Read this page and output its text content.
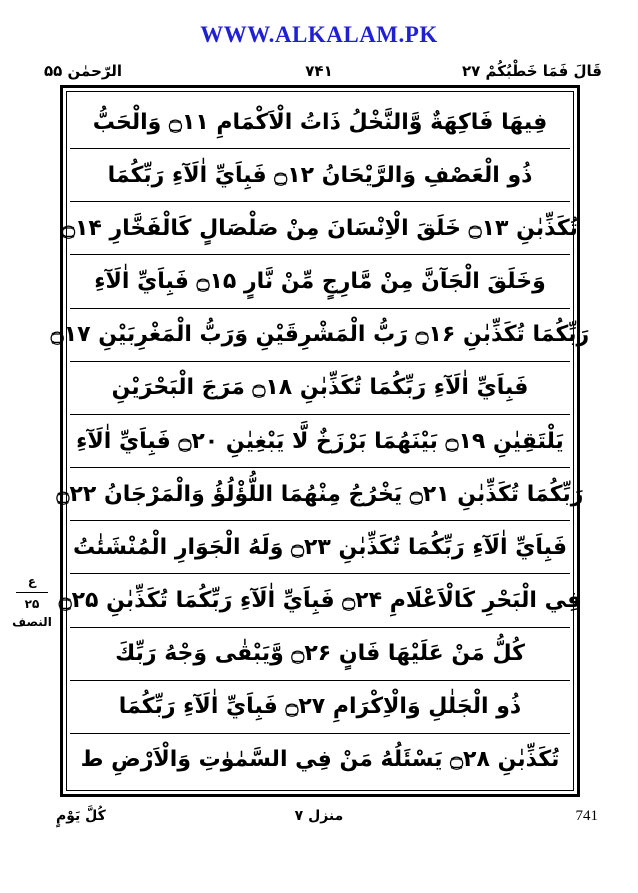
WWW.ALKALAM.PK
الرّحمٰن ۵۵	۷۴۱	قَالَ فَمَا خَطْبُكُمْ ۲۷
فِيهَا فَاكِهَةٌ وَّالنَّخْلُ ذَاتُ الْاَكْمَامِ ۝۱۱ وَالْحَبُّ
ذُو الْعَصْفِ وَالرَّيْحَانُ ۝۱۲ فَبِاَيِّ اٰلَآءِ رَبِّكُمَا
تُكَذِّبٰنِ ۝۱۳ خَلَقَ الْاِنْسَانَ مِنْ صَلْصَالٍ كَالْفَخَّارِ ۝۱۴
وَخَلَقَ الْجَآنَّ مِنْ مَّارِجٍ مِّنْ نَّارٍ ۝۱۵ فَبِاَيِّ اٰلَآءِ
رَبِّكُمَا تُكَذِّبٰنِ ۝۱۶ رَبُّ الْمَشْرِقَيْنِ وَرَبُّ الْمَغْرِبَيْنِ ۝۱۷
فَبِاَيِّ اٰلَآءِ رَبِّكُمَا تُكَذِّبٰنِ ۝۱۸ مَرَجَ الْبَحْرَيْنِ
يَلْتَقِيٰنِ ۝۱۹ بَيْنَهُمَا بَرْزَخٌ لَّا يَبْغِيٰنِ ۝۲۰ فَبِاَيِّ اٰلَآءِ
رَبِّكُمَا تُكَذِّبٰنِ ۝۲۱ يَخْرُجُ مِنْهُمَا اللُّؤْلُؤُ وَالْمَرْجَانُ ۝۲۲
فَبِاَيِّ اٰلَآءِ رَبِّكُمَا تُكَذِّبٰنِ ۝۲۳ وَلَهُ الْجَوَارِ الْمُنْشَئٰتُ
فِي الْبَحْرِ كَالْاَعْلَامِ ۝۲۴ فَبِاَيِّ اٰلَآءِ رَبِّكُمَا تُكَذِّبٰنِ ۝۲۵
كُلُّ مَنْ عَلَيْهَا فَانٍ ۝۲۶ وَّيَبْقٰى وَجْهُ رَبِّكَ
ذُو الْجَلٰلِ وَالْاِكْرَامِ ۝۲۷ فَبِاَيِّ اٰلَآءِ رَبِّكُمَا
تُكَذِّبٰنِ ۝۲۸ يَسْئَلُهُ مَنْ فِي السَّمٰوٰتِ وَالْاَرْضِ ط
ع
۲۵
النصف
كُلَّ يَوْمٍ	منزل ۷	741
